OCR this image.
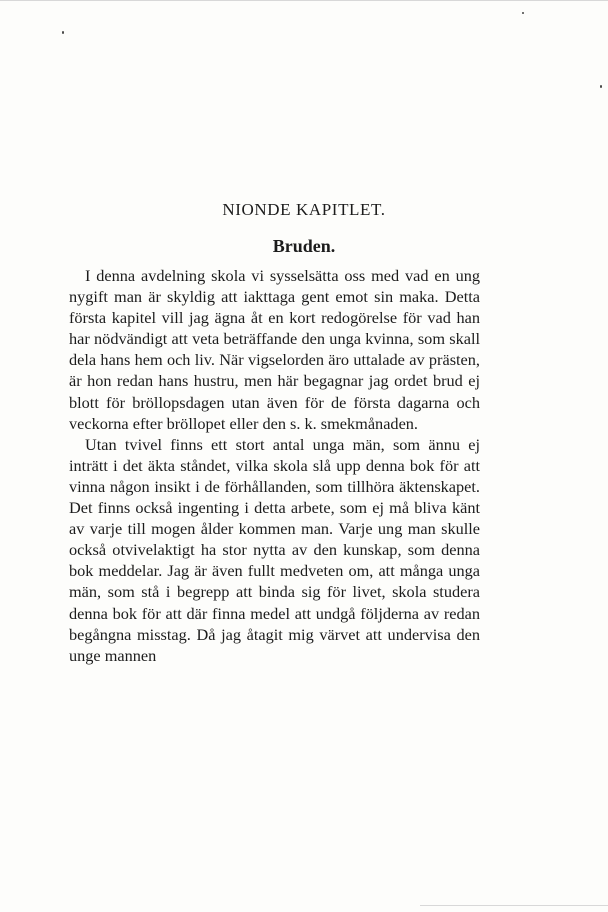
NIONDE KAPITLET.
Bruden.

I denna avdelning skola vi sysselsätta oss med vad en ung nygift man är skyldig att iakttaga gent emot sin maka. Detta första kapitel vill jag ägna åt en kort redogörelse för vad han har nödvändigt att veta beträffande den unga kvinna, som skall dela hans hem och liv. När vigselorden äro uttalade av prästen, är hon redan hans hustru, men här begagnar jag ordet brud ej blott för bröllopsdagen utan även för de första dagarna och veckorna efter bröllopet eller den s. k. smekmånaden.

Utan tvivel finns ett stort antal unga män, som ännu ej inträtt i det äkta ståndet, vilka skola slå upp denna bok för att vinna någon insikt i de förhållanden, som tillhöra äktenskapet. Det finns också ingenting i detta arbete, som ej må bliva känt av varje till mogen ålder kommen man. Varje ung man skulle också otvivelaktigt ha stor nytta av den kunskap, som denna bok meddelar. Jag är även fullt medveten om, att många unga män, som stå i begrepp att binda sig för livet, skola studera denna bok för att där finna medel att undgå följderna av redan begångna misstag. Då jag åtagit mig värvet att undervisa den unge mannen
